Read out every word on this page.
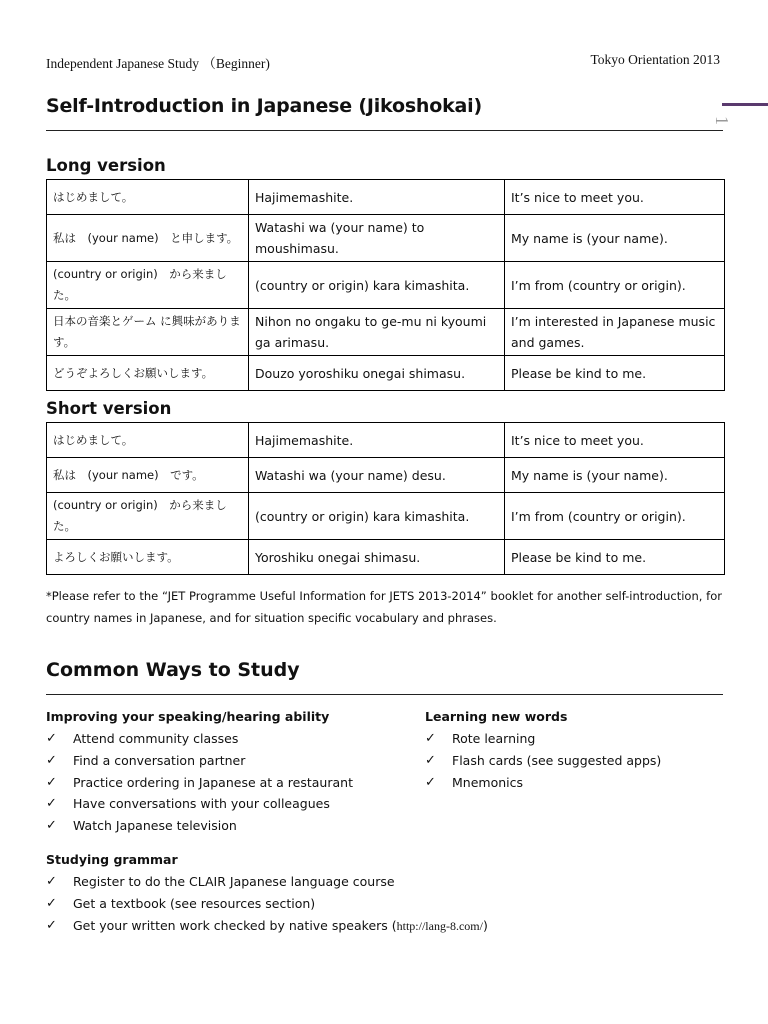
Independent Japanese Study （Beginner)	Tokyo Orientation 2013
1
Self-Introduction in Japanese (Jikoshokai)
Long version
はじめまして。	Hajimemashite.	It’s nice to meet you.
私は　(your name)　と申します。	Watashi wa (your name) to moushimasu.	My name is (your name).
(country or origin)　から来ました。	(country or origin) kara kimashita.	I’m from (country or origin).
日本の音楽とゲーム に興味があります。	Nihon no ongaku to ge-mu ni kyoumi ga arimasu.	I’m interested in Japanese music and games.
どうぞよろしくお願いします。	Douzo yoroshiku onegai shimasu.	Please be kind to me.
Short version
はじめまして。	Hajimemashite.	It’s nice to meet you.
私は　(your name)　です。	Watashi wa (your name) desu.	My name is (your name).
(country or origin)　から来ました。	(country or origin) kara kimashita.	I’m from (country or origin).
よろしくお願いします。	Yoroshiku onegai shimasu.	Please be kind to me.
*Please refer to the “JET Programme Useful Information for JETS 2013-2014” booklet for another self-introduction, for country names in Japanese, and for situation specific vocabulary and phrases.
Common Ways to Study
Improving your speaking/hearing ability
✓ Attend community classes
✓ Find a conversation partner
✓ Practice ordering in Japanese at a restaurant
✓ Have conversations with your colleagues
✓ Watch Japanese television
Learning new words
✓ Rote learning
✓ Flash cards (see suggested apps)
✓ Mnemonics
Studying grammar
✓ Register to do the CLAIR Japanese language course
✓ Get a textbook (see resources section)
✓ Get your written work checked by native speakers (http://lang-8.com/)
